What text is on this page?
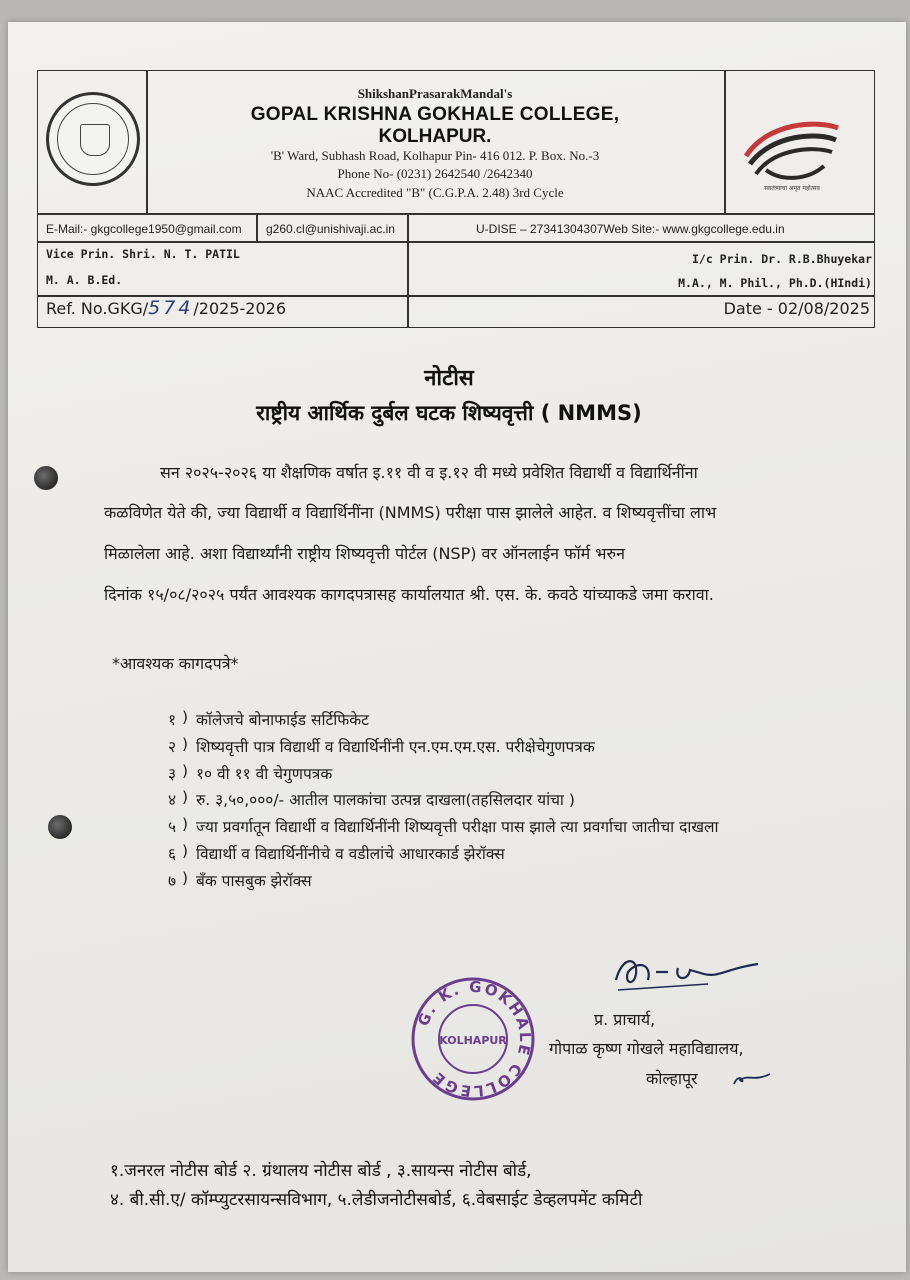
ShikshanPrasarakMandal's
GOPAL KRISHNA GOKHALE COLLEGE,
KOLHAPUR.
'B' Ward, Subhash Road, Kolhapur Pin- 416 012. P. Box. No.-3
Phone No- (0231) 2642540 /2642340
NAAC Accredited "B" (C.G.P.A. 2.48) 3rd Cycle	स्वातंत्र्याचा अमृत महोत्सव
E-Mail:- gkgcollege1950@gmail.com g260.cl@unishivaji.ac.in	U-DISE – 27341304307Web Site:- www.gkgcollege.edu.in
Vice Prin. Shri. N. T. PATIL
M. A. B.Ed.
I/c Prin. Dr. R.B.Bhuyekar
M.A., M. Phil., Ph.D.(HIndi)
Ref. No.GKG/574/2025-2026	Date - 02/08/2025
नोटीस
राष्ट्रीय आर्थिक दुर्बल घटक शिष्यवृत्ती ( NMMS)
सन २०२५-२०२६ या शैक्षणिक वर्षात इ.११ वी व इ.१२ वी मध्ये प्रवेशित विद्यार्थी व विद्यार्थिनींना
कळविणेत येते की, ज्या विद्यार्थी व विद्यार्थिनींना (NMMS) परीक्षा पास झालेले आहेत. व शिष्यवृत्तींचा लाभ
मिळालेला आहे. अशा विद्यार्थ्यांनी राष्ट्रीय शिष्यवृत्ती पोर्टल (NSP) वर ऑनलाईन फॉर्म भरुन
दिनांक १५/०८/२०२५ पर्यंत आवश्यक कागदपत्रासह कार्यालयात श्री. एस. के. कवठे यांच्याकडे जमा करावा.
*आवश्यक कागदपत्रे*
१ ) कॉलेजचे बोनाफाईड सर्टिफिकेट
२ ) शिष्यवृत्ती पात्र विद्यार्थी व विद्यार्थिनींनी एन.एम.एम.एस. परीक्षेचेगुणपत्रक
३ ) १० वी ११ वी चेगुणपत्रक
४ ) रु. ३,५०,०००/- आतील पालकांचा उत्पन्न दाखला(तहसिलदार यांचा )
५ ) ज्या प्रवर्गातून विद्यार्थी व विद्यार्थिनींनी शिष्यवृत्ती परीक्षा पास झाले त्या प्रवर्गाचा जातीचा दाखला
६ ) विद्यार्थी व विद्यार्थिनींनीचे व वडीलांचे आधारकार्ड झेरॉक्स
७ ) बँक पासबुक झेरॉक्स
G. K. GOKHALE COLLEGE
KOLHAPUR
प्र. प्राचार्य,
गोपाळ कृष्ण गोखले महाविद्यालय,
कोल्हापूर
१.जनरल नोटीस बोर्ड २. ग्रंथालय नोटीस बोर्ड , ३.सायन्स नोटीस बोर्ड,
४. बी.सी.ए/ कॉम्प्युटरसायन्सविभाग, ५.लेडीजनोटीसबोर्ड, ६.वेबसाईट डेव्हलपमेंट कमिटी
